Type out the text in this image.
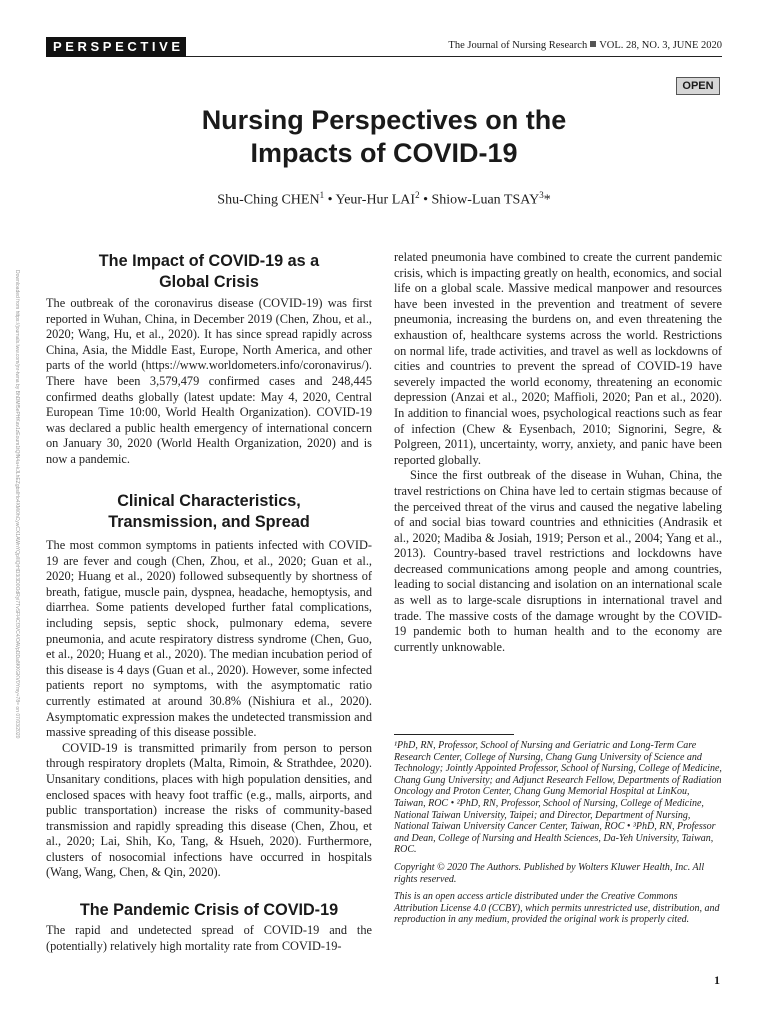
PERSPECTIVE	The Journal of Nursing Research VOL. 28, NO. 3, JUNE 2020
OPEN
Nursing Perspectives on the
Impacts of COVID-19
Shu-Ching CHEN$^1$ • Yeur-Hur LAI$^2$ • Shiow-Luan TSAY$^3$*
Downloaded from https://journals.lww.com/jnr-twna by BhDMf5ePHKav1zEoum1tQfN4a+kJLhEZgbsIHo4XMi0hCywCX1AWnYQp/IlQrHD3i3D0OdRyi7TvSFl4Cf3VC4/OAVpDDa8KKGKV0Ymy+78= on 07/03/2020
The Impact of COVID-19 as a
Global Crisis

The outbreak of the coronavirus disease (COVID-19) was first reported in Wuhan, China, in December 2019 (Chen, Zhou, et al., 2020; Wang, Hu, et al., 2020). It has since spread rapidly across China, Asia, the Middle East, Europe, North America, and other parts of the world (https://www.worldometers.info/coronavirus/). There have been 3,579,479 confirmed cases and 248,445 confirmed deaths globally (latest update: May 4, 2020, Central European Time 10:00, World Health Organization). COVID-19 was declared a public health emergency of international concern on January 30, 2020 (World Health Organization, 2020) and is now a pandemic.

Clinical Characteristics,
Transmission, and Spread

The most common symptoms in patients infected with COVID-19 are fever and cough (Chen, Zhou, et al., 2020; Guan et al., 2020; Huang et al., 2020) followed subsequently by shortness of breath, fatigue, muscle pain, dyspnea, headache, hemoptysis, and diarrhea. Some patients developed further fatal complications, including sepsis, septic shock, pulmonary edema, severe pneumonia, and acute respiratory distress syndrome (Chen, Guo, et al., 2020; Huang et al., 2020). The median incubation period of this disease is 4 days (Guan et al., 2020). However, some infected patients report no symptoms, with the asymptomatic ratio currently estimated at around 30.8% (Nishiura et al., 2020). Asymptomatic expression makes the undetected transmission and massive spreading of this disease possible.

COVID-19 is transmitted primarily from person to person through respiratory droplets (Malta, Rimoin, & Strathdee, 2020). Unsanitary conditions, places with high population densities, and enclosed spaces with heavy foot traffic (e.g., malls, airports, and public transportation) increase the risks of community-based transmission and rapidly spreading this disease (Chen, Zhou, et al., 2020; Lai, Shih, Ko, Tang, & Hsueh, 2020). Furthermore, clusters of nosocomial infections have occurred in hospitals (Wang, Wang, Chen, & Qin, 2020).

The Pandemic Crisis of COVID-19

The rapid and undetected spread of COVID-19 and the (potentially) relatively high mortality rate from COVID-19-

related pneumonia have combined to create the current pandemic crisis, which is impacting greatly on health, economics, and social life on a global scale. Massive medical manpower and resources have been invested in the prevention and treatment of severe pneumonia, increasing the burdens on, and even threatening the exhaustion of, healthcare systems across the world. Restrictions on normal life, trade activities, and travel as well as lockdowns of cities and countries to prevent the spread of COVID-19 have severely impacted the world economy, threatening an economic depression (Anzai et al., 2020; Maffioli, 2020; Pan et al., 2020). In addition to financial woes, psychological reactions such as fear of infection (Chew & Eysenbach, 2010; Signorini, Segre, & Polgreen, 2011), uncertainty, worry, anxiety, and panic have been reported globally.

Since the first outbreak of the disease in Wuhan, China, the travel restrictions on China have led to certain stigmas because of the perceived threat of the virus and caused the negative labeling of and social bias toward countries and ethnicities (Andrasik et al., 2020; Madiba & Josiah, 1919; Person et al., 2004; Yang et al., 2013). Country-based travel restrictions and lockdowns have decreased communications among people and among countries, leading to social distancing and isolation on an international scale as well as to large-scale disruptions in international travel and trade. The massive costs of the damage wrought by the COVID-19 pandemic both to human health and to the economy are currently unknowable.

¹PhD, RN, Professor, School of Nursing and Geriatric and Long-Term Care Research Center, College of Nursing, Chang Gung University of Science and Technology; Jointly Appointed Professor, School of Nursing, College of Medicine, Chang Gung University; and Adjunct Research Fellow, Departments of Radiation Oncology and Proton Center, Chang Gung Memorial Hospital at LinKou, Taiwan, ROC • ²PhD, RN, Professor, School of Nursing, College of Medicine, National Taiwan University, Taipei; and Director, Department of Nursing, National Taiwan University Cancer Center, Taiwan, ROC • ³PhD, RN, Professor and Dean, College of Nursing and Health Sciences, Da-Yeh University, Taiwan, ROC.

Copyright © 2020 The Authors. Published by Wolters Kluwer Health, Inc. All rights reserved.

This is an open access article distributed under the Creative Commons Attribution License 4.0 (CCBY), which permits unrestricted use, distribution, and reproduction in any medium, provided the original work is properly cited.

1
